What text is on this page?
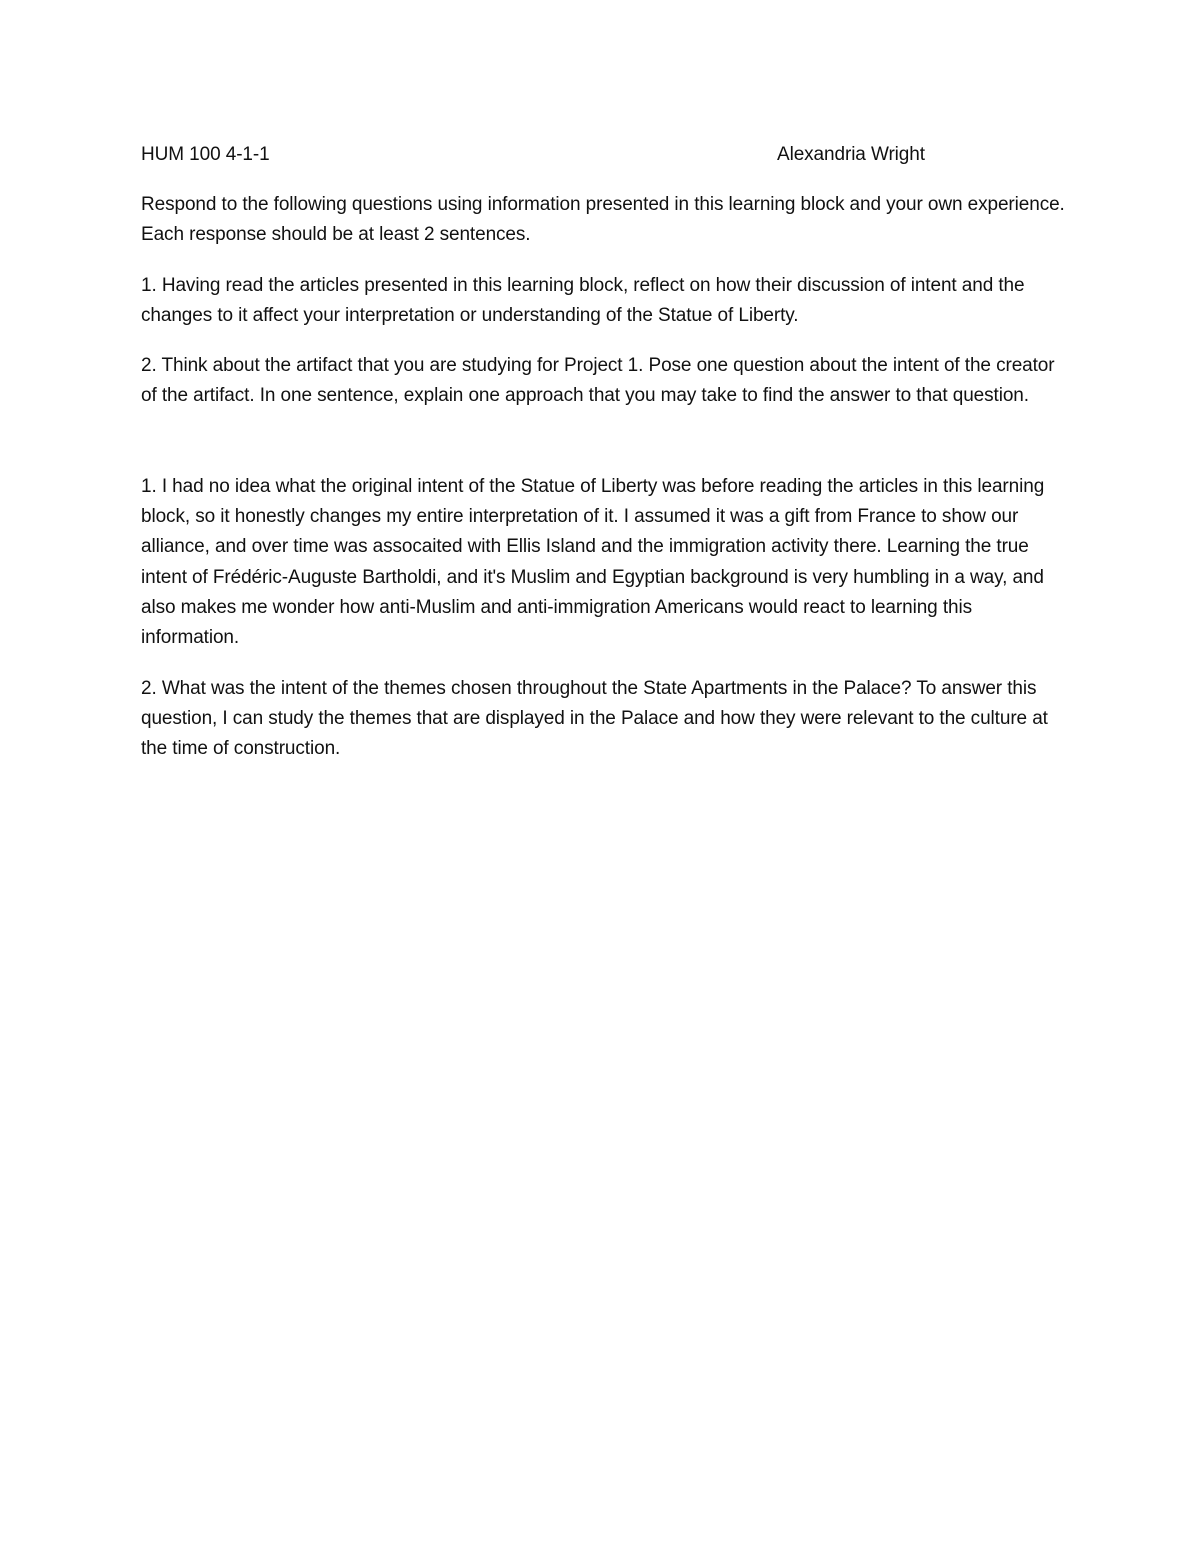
HUM 100 4-1-1	Alexandria Wright

Respond to the following questions using information presented in this learning block and your own experience. Each response should be at least 2 sentences.

1. Having read the articles presented in this learning block, reflect on how their discussion of intent and the changes to it affect your interpretation or understanding of the Statue of Liberty.

2. Think about the artifact that you are studying for Project 1. Pose one question about the intent of the creator of the artifact. In one sentence, explain one approach that you may take to find the answer to that question.

1. I had no idea what the original intent of the Statue of Liberty was before reading the articles in this learning block, so it honestly changes my entire interpretation of it. I assumed it was a gift from France to show our alliance, and over time was assocaited with Ellis Island and the immigration activity there. Learning the true intent of Frédéric-Auguste Bartholdi, and it's Muslim and Egyptian background is very humbling in a way, and also makes me wonder how anti-Muslim and anti-immigration Americans would react to learning this information.

2. What was the intent of the themes chosen throughout the State Apartments in the Palace? To answer this question, I can study the themes that are displayed in the Palace and how they were relevant to the culture at the time of construction.
